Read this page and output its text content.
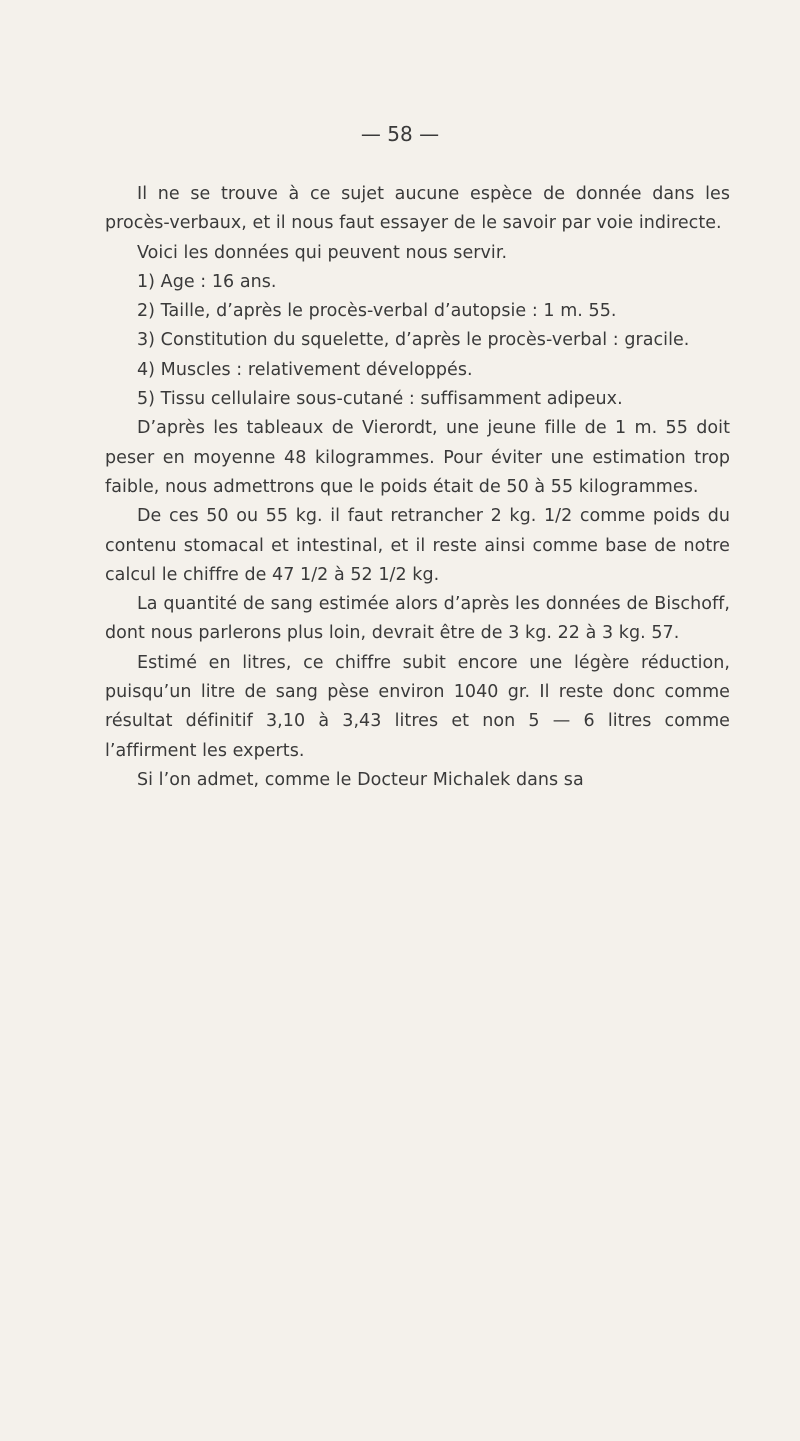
— 58 —

Il ne se trouve à ce sujet aucune espèce de donnée dans les procès-verbaux, et il nous faut essayer de le savoir par voie indirecte.

Voici les données qui peuvent nous servir.

1) Age : 16 ans.

2) Taille, d’après le procès-verbal d’autopsie : 1 m. 55.

3) Constitution du squelette, d’après le procès-verbal : gracile.

4) Muscles : relativement développés.

5) Tissu cellulaire sous-cutané : suffisamment adipeux.

D’après les tableaux de Vierordt, une jeune fille de 1 m. 55 doit peser en moyenne 48 kilogrammes. Pour éviter une estimation trop faible, nous admettrons que le poids était de 50 à 55 kilogrammes.

De ces 50 ou 55 kg. il faut retrancher 2 kg. 1/2 comme poids du contenu stomacal et intestinal, et il reste ainsi comme base de notre calcul le chiffre de 47 1/2 à 52 1/2 kg.

La quantité de sang estimée alors d’après les données de Bischoff, dont nous parlerons plus loin, devrait être de 3 kg. 22 à 3 kg. 57.

Estimé en litres, ce chiffre subit encore une légère réduction, puisqu’un litre de sang pèse environ 1040 gr. Il reste donc comme résultat définitif 3,10 à 3,43 litres et non 5 — 6 litres comme l’affirment les experts.

Si l’on admet, comme le Docteur Michalek dans sa
